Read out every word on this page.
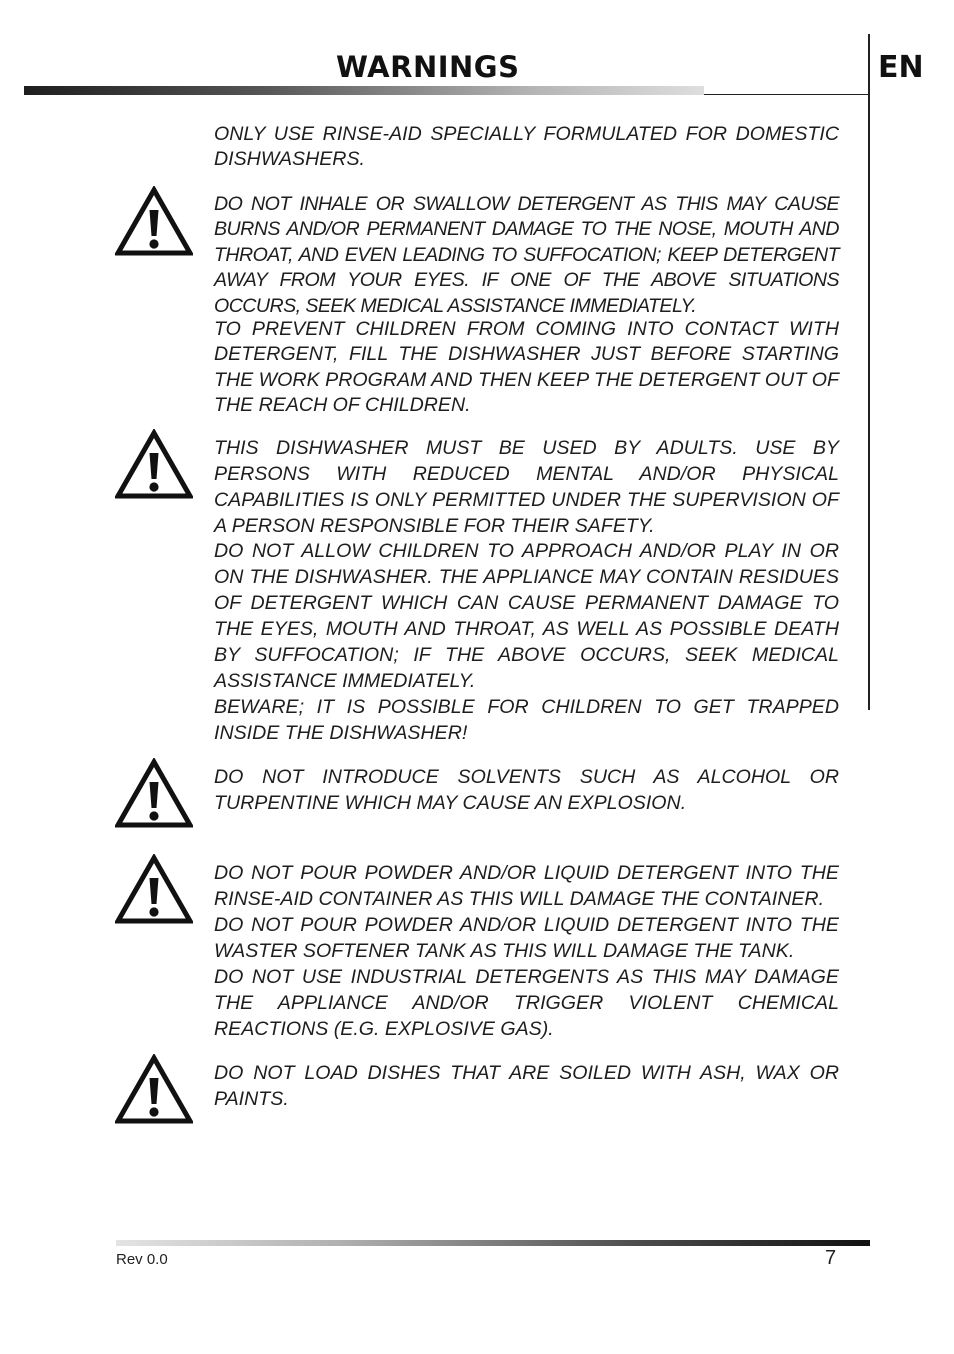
WARNINGS	EN

ONLY USE RINSE-AID SPECIALLY FORMULATED FOR DOMESTIC DISHWASHERS.

DO NOT INHALE OR SWALLOW DETERGENT AS THIS MAY CAUSE BURNS AND/OR PERMANENT DAMAGE TO THE NOSE, MOUTH AND THROAT, AND EVEN LEADING TO SUFFOCATION; KEEP DETERGENT AWAY FROM YOUR EYES. IF ONE OF THE ABOVE SITUATIONS OCCURS, SEEK MEDICAL ASSISTANCE IMMEDIATELY.

TO PREVENT CHILDREN FROM COMING INTO CONTACT WITH DETERGENT, FILL THE DISHWASHER JUST BEFORE STARTING THE WORK PROGRAM AND THEN KEEP THE DETERGENT OUT OF THE REACH OF CHILDREN.

THIS DISHWASHER MUST BE USED BY ADULTS. USE BY PERSONS WITH REDUCED MENTAL AND/OR PHYSICAL CAPABILITIES IS ONLY PERMITTED UNDER THE SUPERVISION OF A PERSON RESPONSIBLE FOR THEIR SAFETY.

DO NOT ALLOW CHILDREN TO APPROACH AND/OR PLAY IN OR ON THE DISHWASHER. THE APPLIANCE MAY CONTAIN RESIDUES OF DETERGENT WHICH CAN CAUSE PERMANENT DAMAGE TO THE EYES, MOUTH AND THROAT, AS WELL AS POSSIBLE DEATH BY SUFFOCATION; IF THE ABOVE OCCURS, SEEK MEDICAL ASSISTANCE IMMEDIATELY.

BEWARE; IT IS POSSIBLE FOR CHILDREN TO GET TRAPPED INSIDE THE DISHWASHER!

DO NOT INTRODUCE SOLVENTS SUCH AS ALCOHOL OR TURPENTINE WHICH MAY CAUSE AN EXPLOSION.

DO NOT POUR POWDER AND/OR LIQUID DETERGENT INTO THE RINSE-AID CONTAINER AS THIS WILL DAMAGE THE CONTAINER.

DO NOT POUR POWDER AND/OR LIQUID DETERGENT INTO THE WASTER SOFTENER TANK AS THIS WILL DAMAGE THE TANK.

DO NOT USE INDUSTRIAL DETERGENTS AS THIS MAY DAMAGE THE APPLIANCE AND/OR TRIGGER VIOLENT CHEMICAL REACTIONS (E.G. EXPLOSIVE GAS).

DO NOT LOAD DISHES THAT ARE SOILED WITH ASH, WAX OR PAINTS.

Rev 0.0	7
